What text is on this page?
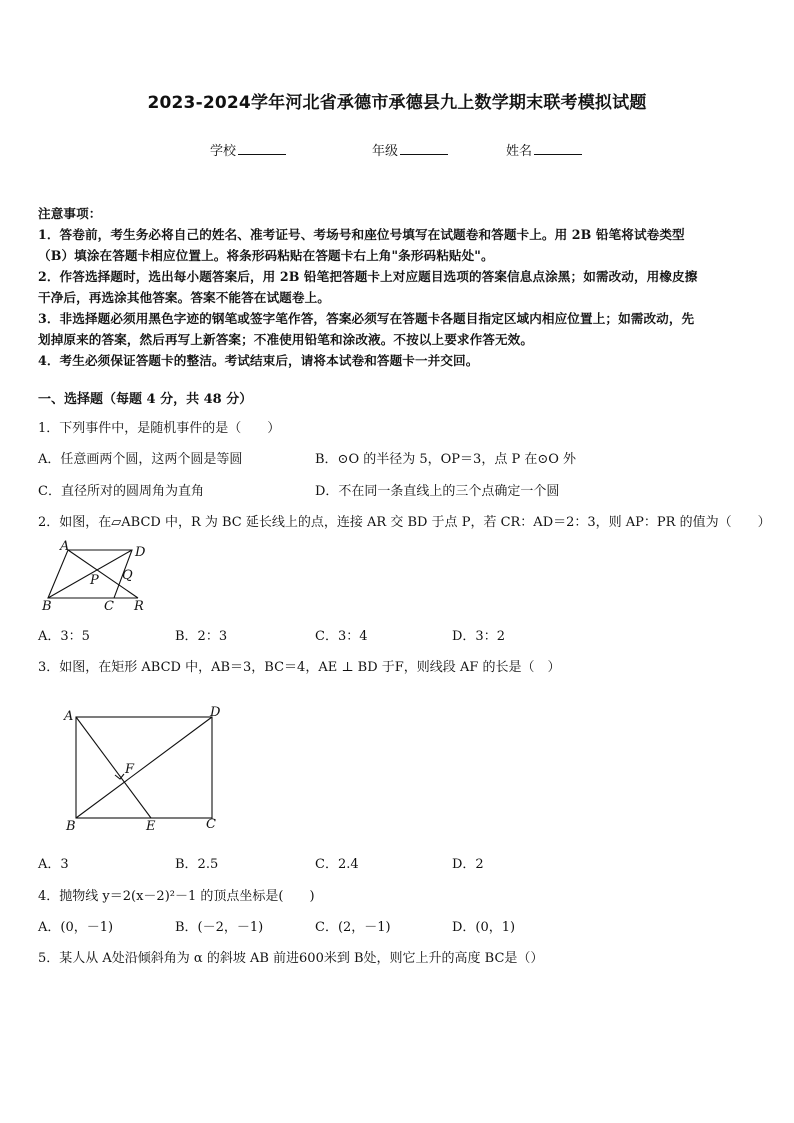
2023-2024学年河北省承德市承德县九上数学期末联考模拟试题
学校	年级	姓名
注意事项：
1．答卷前，考生务必将自己的姓名、准考证号、考场号和座位号填写在试题卷和答题卡上。用 2B 铅笔将试卷类型
（B）填涂在答题卡相应位置上。将条形码粘贴在答题卡右上角"条形码粘贴处"。
2．作答选择题时，选出每小题答案后，用 2B 铅笔把答题卡上对应题目选项的答案信息点涂黑；如需改动，用橡皮擦
干净后，再选涂其他答案。答案不能答在试题卷上。
3．非选择题必须用黑色字迹的钢笔或签字笔作答，答案必须写在答题卡各题目指定区域内相应位置上；如需改动，先
划掉原来的答案，然后再写上新答案；不准使用铅笔和涂改液。不按以上要求作答无效。
4．考生必须保证答题卡的整洁。考试结束后，请将本试卷和答题卡一并交回。
一、选择题（每题 4 分，共 48 分）
1．下列事件中，是随机事件的是（　　）
A．任意画两个圆，这两个圆是等圆	B．⊙O 的半径为 5，OP＝3，点 P 在⊙O 外
C．直径所对的圆周角为直角	D．不在同一条直线上的三个点确定一个圆
2．如图，在▱ABCD 中，R 为 BC 延长线上的点，连接 AR 交 BD 于点 P，若 CR：AD＝2：3，则 AP：PR 的值为（　　）
A	D
B	C R
P Q
A．3：5	B．2：3	C．3：4	D．3：2
3．如图，在矩形 ABCD 中，AB＝3，BC＝4，AE ⊥ BD 于F，则线段 AF 的长是（　）
A	D
B	E	C
F
A．3	B．2.5	C．2.4	D．2
4．抛物线 y＝2(x－2)²－1 的顶点坐标是(　　)
A．(0，－1)	B．(－2，－1)	C．(2，－1)	D．(0，1)
5．某人从 A处沿倾斜角为 α 的斜坡 AB 前进600米到 B处，则它上升的高度 BC是（）
